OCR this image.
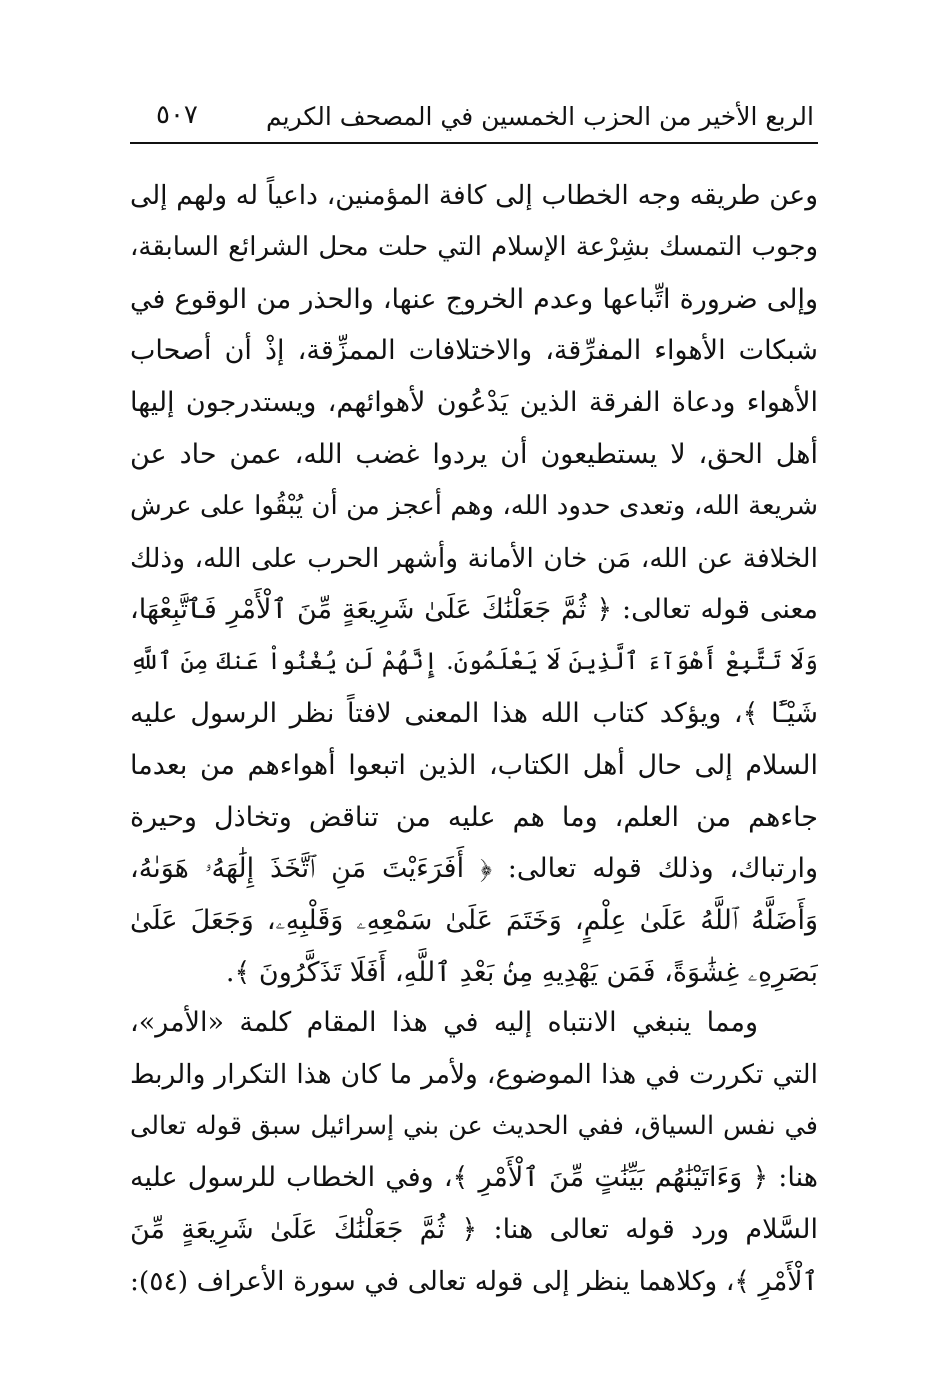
الربع الأخير من الحزب الخمسين في المصحف الكريم
٥٠٧
وعن طريقه وجه الخطاب إلى كافة المؤمنين، داعياً له ولهم إلى
وجوب التمسك بشِرْعة الإسلام التي حلت محل الشرائع السابقة،
وإلى ضرورة اتِّباعها وعدم الخروج عنها، والحذر من الوقوع في
شبكات الأهواء المفرِّقة، والاختلافات الممزِّقة، إذْ أن أصحاب
الأهواء ودعاة الفرقة الذين يَدْعُون لأهوائهم، ويستدرجون إليها
أهل الحق، لا يستطيعون أن يردوا غضب الله، عمن حاد عن
شريعة الله، وتعدى حدود الله، وهم أعجز من أن يُبْقُوا على عرش
الخلافة عن الله، مَن خان الأمانة وأشهر الحرب على الله، وذلك
معنى قوله تعالى: ﴿ ثُمَّ جَعَلْنَٰكَ عَلَىٰ شَرِيعَةٍ مِّنَ ٱلْأَمْرِ فَٱتَّبِعْهَا،
وَلَا تَتَّبِعْ أَهْوَآءَ ٱلَّذِينَ لَا يَعْلَمُونَ. إِنَّهُمْ لَن يُغْنُواْ عَنكَ مِنَ ٱللَّهِ
شَيْـًٔا ﴾، ويؤكد كتاب الله هذا المعنى لافتاً نظر الرسول عليه
السلام إلى حال أهل الكتاب، الذين اتبعوا أهواءهم من بعدما
جاءهم من العلم، وما هم عليه من تناقض وتخاذل وحيرة
وارتباك، وذلك قوله تعالى: ﴿ أَفَرَءَيْتَ مَنِ ٱتَّخَذَ إِلَٰهَهُۥ هَوَىٰهُ،
وَأَضَلَّهُ ٱللَّهُ عَلَىٰ عِلْمٍ، وَخَتَمَ عَلَىٰ سَمْعِهِۦ وَقَلْبِهِۦ، وَجَعَلَ عَلَىٰ
بَصَرِهِۦ غِشَٰوَةً، فَمَن يَهْدِيهِ مِنۢ بَعْدِ ٱللَّهِ، أَفَلَا تَذَكَّرُونَ ﴾.
ومما ينبغي الانتباه إليه في هذا المقام كلمة «الأمر»،
التي تكررت في هذا الموضوع، ولأمر ما كان هذا التكرار والربط
في نفس السياق، ففي الحديث عن بني إسرائيل سبق قوله تعالى
هنا: ﴿ وَءَاتَيْنَٰهُم بَيِّنَٰتٍ مِّنَ ٱلْأَمْرِ ﴾، وفي الخطاب للرسول عليه
السَّلام ورد قوله تعالى هنا: ﴿ ثُمَّ جَعَلْنَٰكَ عَلَىٰ شَرِيعَةٍ مِّنَ
ٱلْأَمْرِ ﴾، وكلاهما ينظر إلى قوله تعالى في سورة الأعراف (٥٤):
